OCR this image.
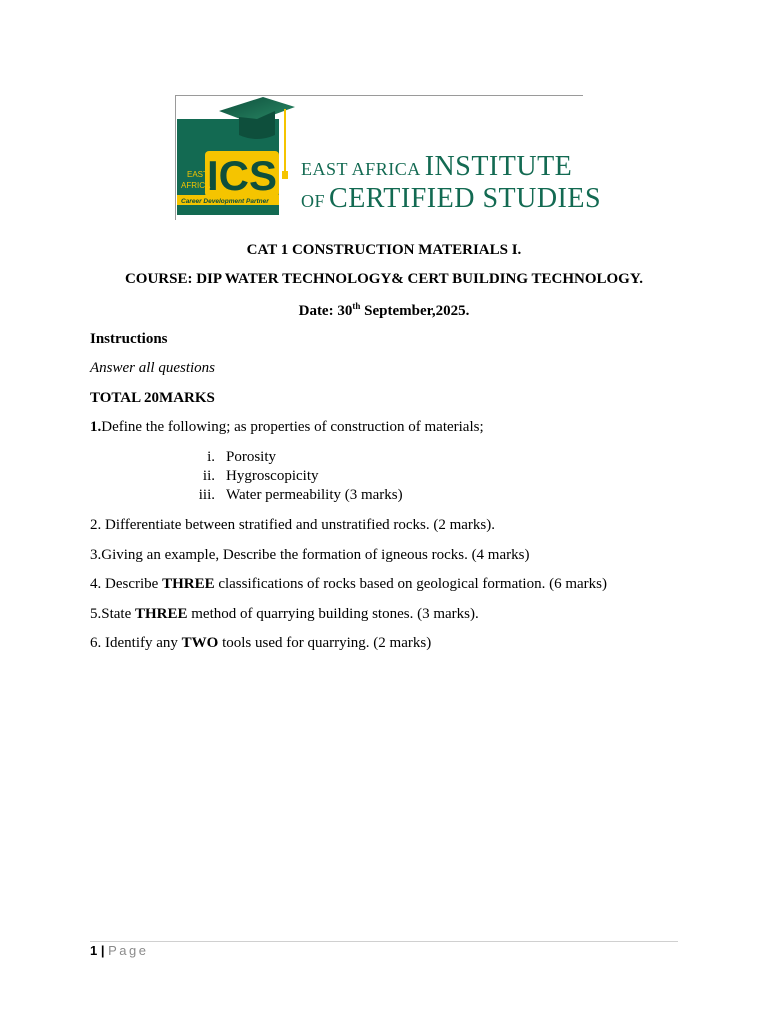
Career Development Partner
ICS
EAST
AFRICA
EAST AFRICA INSTITUTE
OF CERTIFIED STUDIES
CAT 1 CONSTRUCTION MATERIALS I.
COURSE: DIP WATER TECHNOLOGY& CERT BUILDING TECHNOLOGY.
Date: 30th September,2025.
Instructions
Answer all questions
TOTAL 20MARKS
1.Define the following; as properties of construction of materials;
i. Porosity
ii. Hygroscopicity
iii. Water permeability (3 marks)
2. Differentiate between stratified and unstratified rocks. (2 marks).
3.Giving an example, Describe the formation of igneous rocks. (4 marks)
4. Describe THREE classifications of rocks based on geological formation. (6 marks)
5.State THREE method of quarrying building stones. (3 marks).
6. Identify any TWO tools used for quarrying. (2 marks)
1 | Page
